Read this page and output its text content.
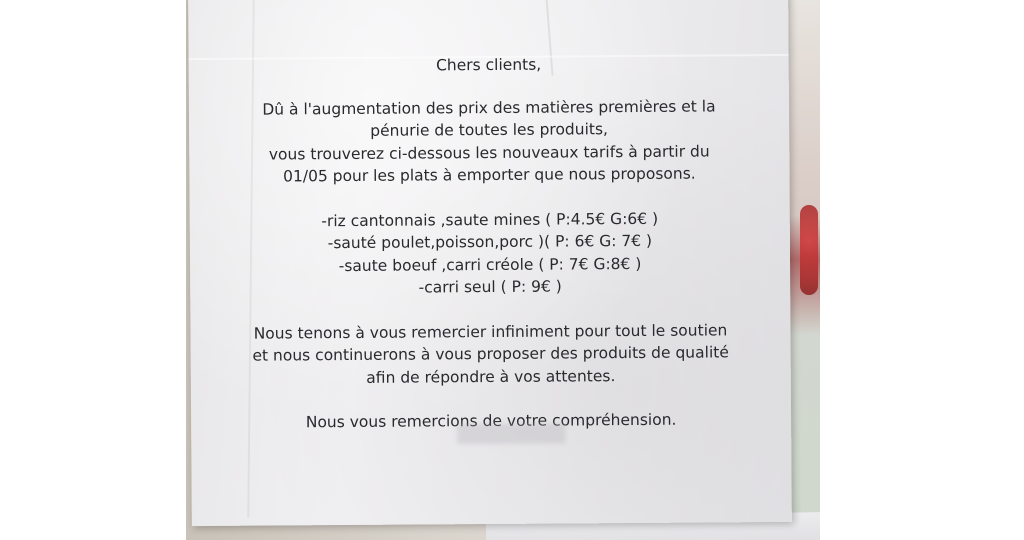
Chers clients,
Dû à l'augmentation des prix des matières premières et la
pénurie de toutes les produits,
vous trouverez ci-dessous les nouveaux tarifs à partir du
01/05 pour les plats à emporter que nous proposons.
-riz cantonnais ,saute mines ( P:4.5€ G:6€ )
-sauté poulet,poisson,porc )( P: 6€ G: 7€ )
-saute boeuf ,carri créole ( P: 7€ G:8€ )
-carri seul ( P: 9€ )
Nous tenons à vous remercier infiniment pour tout le soutien
et nous continuerons à vous proposer des produits de qualité
afin de répondre à vos attentes.
Nous vous remercions de votre compréhension.
